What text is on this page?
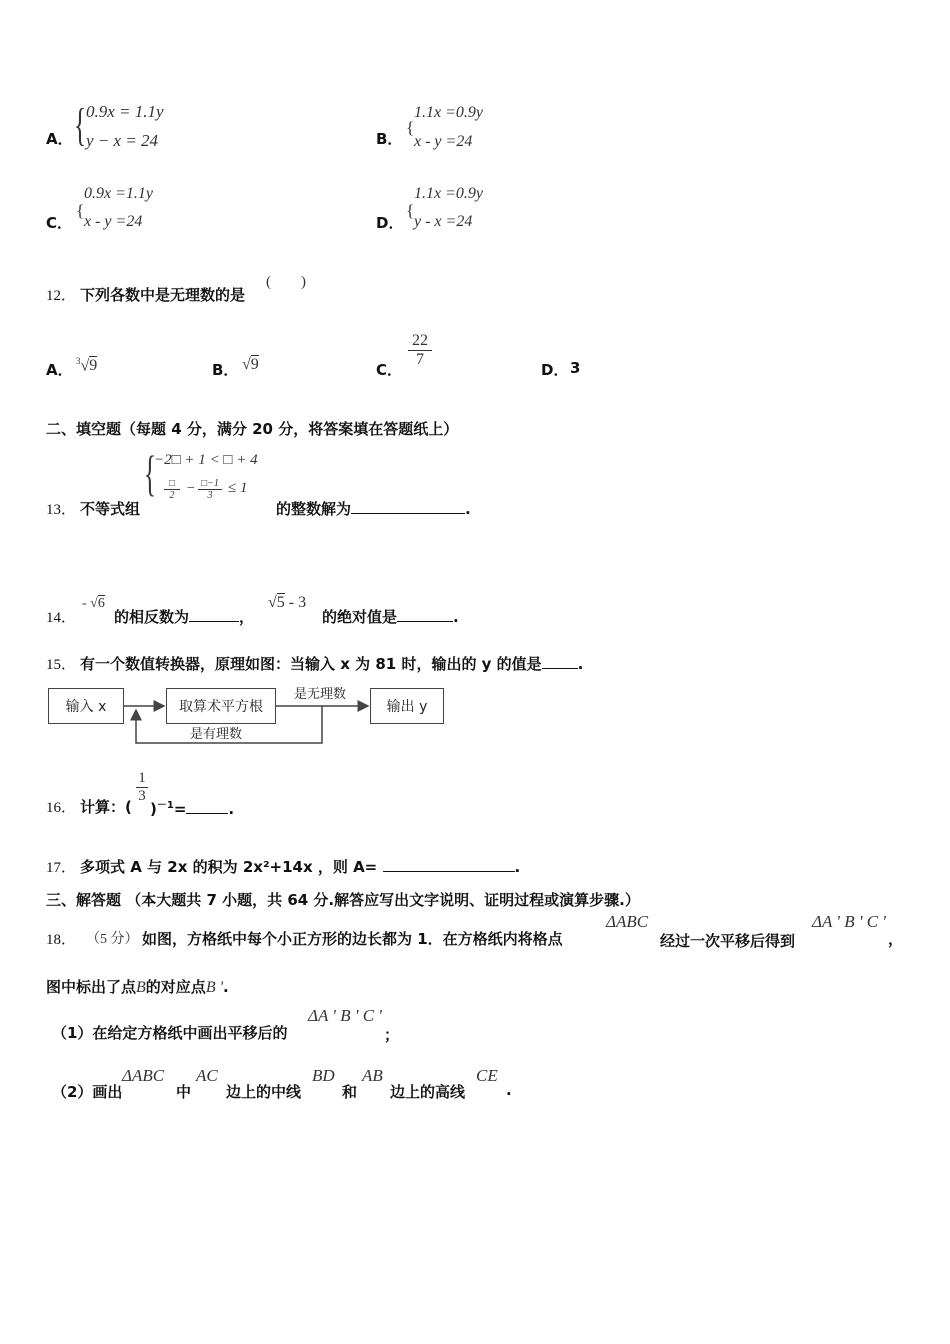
A． { 0.9x = 1.1y
y − x = 24	B．
{
1.1x =0.9y
x - y =24
C．
{
0.9x =1.1y
x - y =24	D．
{
1.1x =0.9y
y - x =24
12． 下列各数中是无理数的是
(　　)
A． $^3$√9	B． √9	C．
22
7
D． 3
二、填空题（每题 4 分，满分 20 分，将答案填在答题纸上）
13． 不等式组
{
−2□ + 1 < □ + 4
□
2 − □−1
3	≤ 1
的整数解为	.
14．
- √6
的相反数为	，
√5 - 3
的绝对值是	.
15． 有一个数值转换器，原理如图：当输入 x 为 81 时，输出的 y 的值是 .
输入 x	取算术平方根	输出 y
是无理数
是有理数
16． 计算：(
1
3
)$^{-1}$=	.
17． 多项式 A 与 2x 的积为 2x²+14x ，则 A=	.
三、解答题 （本大题共 7 小题，共 64 分.解答应写出文字说明、证明过程或演算步骤.）
18． （5 分） 如图，方格纸中每个小正方形的边长都为 1．在方格纸内将格点
ΔABC
经过一次平移后得到
ΔA ' B ' C '
，
图中标出了点B的对应点B '.
（1）在给定方格纸中画出平移后的
ΔA ' B ' C '
；
（2）画出
ΔABC
中
AC
边上的中线
BD
和
AB
边上的高线
CE
.
